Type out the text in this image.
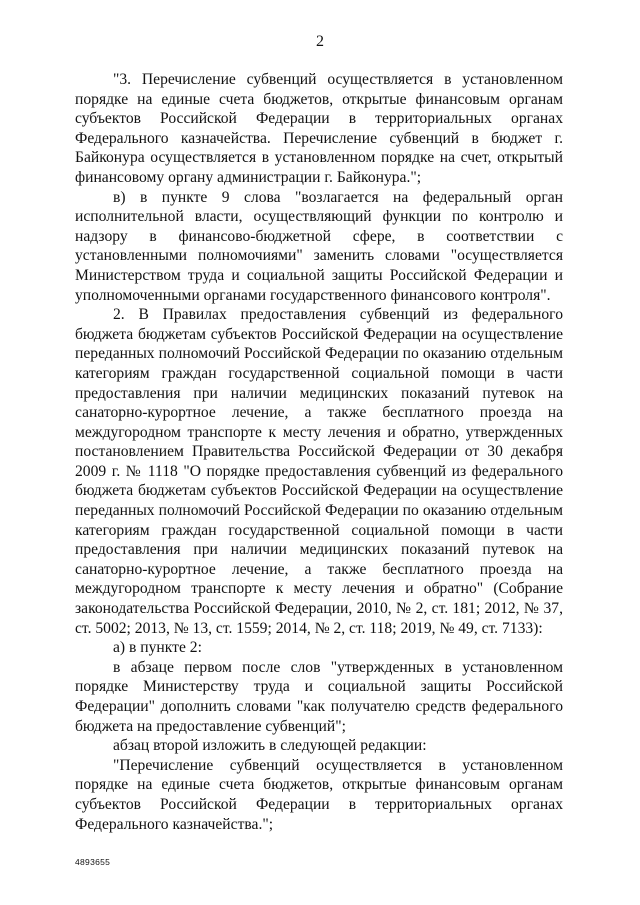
2

"3. Перечисление субвенций осуществляется в установленном порядке на единые счета бюджетов, открытые финансовым органам субъектов Российской Федерации в территориальных органах Федерального казначейства. Перечисление субвенций в бюджет г. Байконура осуществляется в установленном порядке на счет, открытый финансовому органу администрации г. Байконура.";

в) в пункте 9 слова "возлагается на федеральный орган исполнительной власти, осуществляющий функции по контролю и надзору в финансово-бюджетной сфере, в соответствии с установленными полномочиями" заменить словами "осуществляется Министерством труда и социальной защиты Российской Федерации и уполномоченными органами государственного финансового контроля".

2. В Правилах предоставления субвенций из федерального бюджета бюджетам субъектов Российской Федерации на осуществление переданных полномочий Российской Федерации по оказанию отдельным категориям граждан государственной социальной помощи в части предоставления при наличии медицинских показаний путевок на санаторно-курортное лечение, а также бесплатного проезда на междугородном транспорте к месту лечения и обратно, утвержденных постановлением Правительства Российской Федерации от 30 декабря 2009 г. № 1118 "О порядке предоставления субвенций из федерального бюджета бюджетам субъектов Российской Федерации на осуществление переданных полномочий Российской Федерации по оказанию отдельным категориям граждан государственной социальной помощи в части предоставления при наличии медицинских показаний путевок на санаторно-курортное лечение, а также бесплатного проезда на междугородном транспорте к месту лечения и обратно" (Собрание законодательства Российской Федерации, 2010, № 2, ст. 181; 2012, № 37, ст. 5002; 2013, № 13, ст. 1559; 2014, № 2, ст. 118; 2019, № 49, ст. 7133):

а) в пункте 2:

в абзаце первом после слов "утвержденных в установленном порядке Министерству труда и социальной защиты Российской Федерации" дополнить словами "как получателю средств федерального бюджета на предоставление субвенций";

абзац второй изложить в следующей редакции:

"Перечисление субвенций осуществляется в установленном порядке на единые счета бюджетов, открытые финансовым органам субъектов Российской Федерации в территориальных органах Федерального казначейства.";

4893655
